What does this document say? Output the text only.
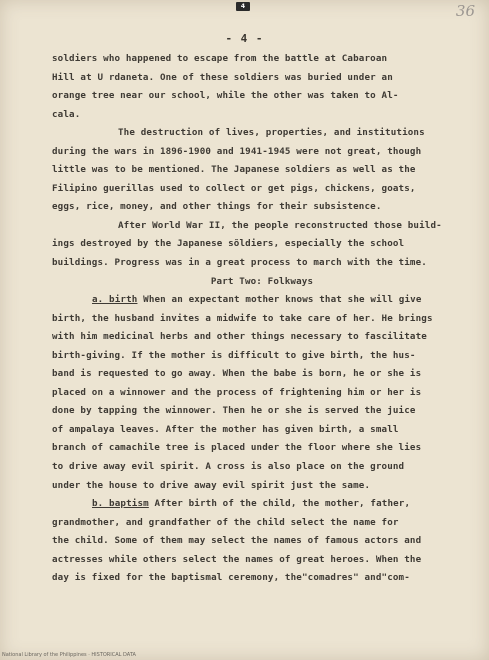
4	36
- 4 -
soldiers who happened to escape from the battle at Cabaroan
Hill at U rdaneta. One of these soldiers was buried under an
orange tree near our school, while the other was taken to Al-
cala.
The destruction of lives, properties, and institutions
during the wars in 1896-1900 and 1941-1945 were not great, though
little was to be mentioned. The Japanese soldiers as well as the
Filipino guerillas used to collect or get pigs, chickens, goats,
eggs, rice, money, and other things for their subsistence.
After World War II, the people reconstructed those build-
ings destroyed by the Japanese sõldiers, especially the school
buildings. Progress was in a great process to march with the time.
Part Two: Folkways
a. birth When an expectant mother knows that she will give
birth, the husband invites a midwife to take care of her. He brings
with him medicinal herbs and other things necessary to fascilitate
birth-giving. If the mother is difficult to give birth, the hus-
band is requested to go away. When the babe is born, he or she is
placed on a winnower and the process of frightening him or her is
done by tapping the winnower. Then he or she is served the juice
of ampalaya leaves. After the mother has given birth, a small
branch of camachile tree is placed under the floor where she lies
to drive away evil spirit. A cross is also place on the ground
under the house to drive away evil spirit just the same.
b. baptism After birth of the child, the mother, father,
grandmother, and grandfather of the child select the name for
the child. Some of them may select the names of famous actors and
actresses while others select the names of great heroes. When the
day is fixed for the baptismal ceremony, the"comadres" and"com-
National Library of the Philippines · HISTORICAL DATA
